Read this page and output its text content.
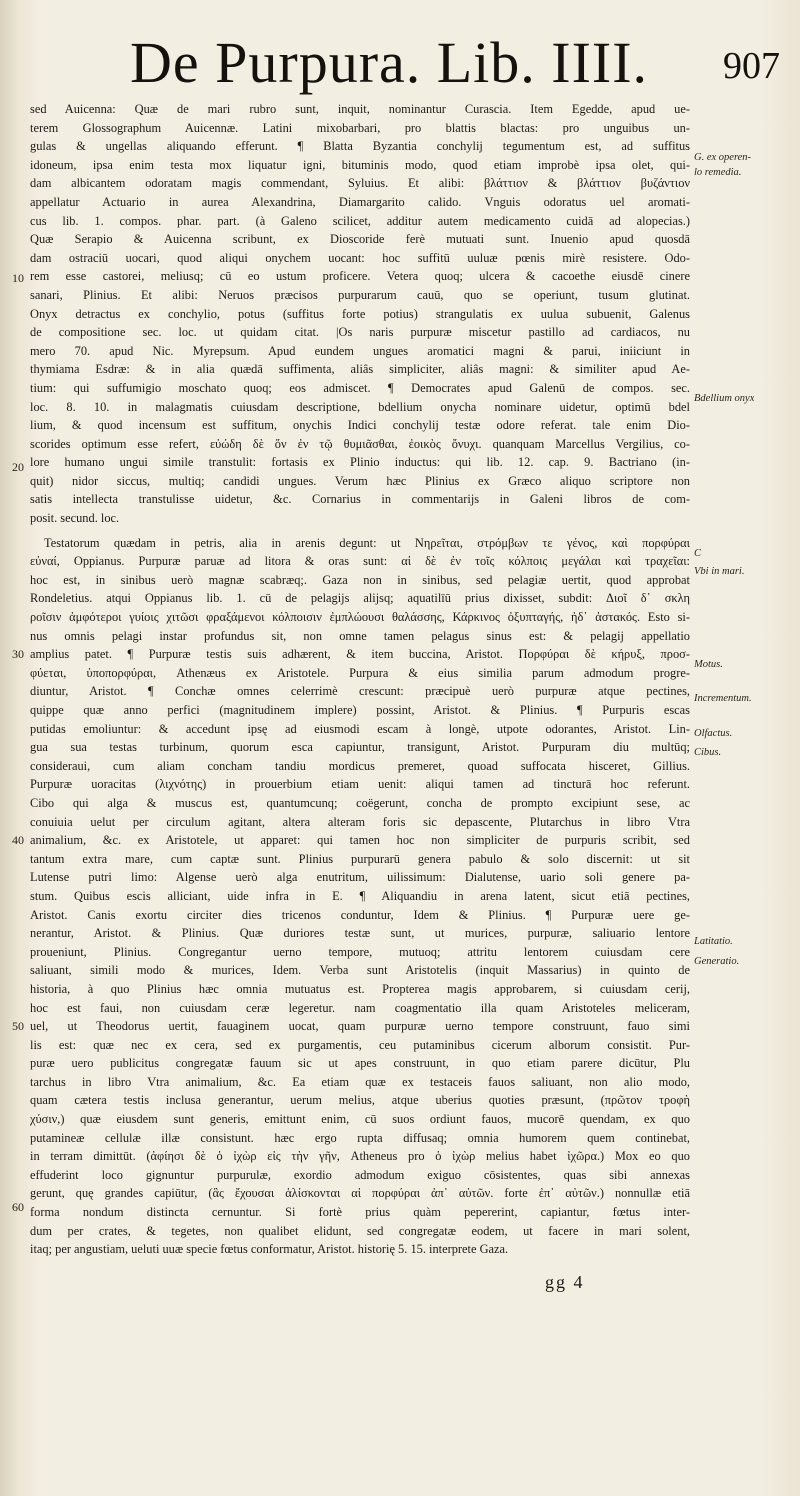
De Purpura. Lib. IIII. 907
sed Auicenna: Quæ de mari rubro sunt, inquit, nominantur Curascia. Item Egedde, apud ue-
terem Glossographum Auicennæ. Latini mixobarbari, pro blattis blactas: pro unguibus un-
gulas & ungellas aliquando efferunt. ¶ Blatta Byzantia conchylij tegumentum est, ad suffitus
idoneum, ipsa enim testa mox liquatur igni, bituminis modo, quod etiam improbè ipsa olet, qui-
dam albicantem odoratam magis commendant, Syluius. Et alibi: βλάττιον & βλάττιον βυζάντιον
appellatur Actuario in aurea Alexandrina, Diamargarito calido. Vnguis odoratus uel aromati-
cus lib. 1. compos. phar. part. (à Galeno scilicet, additur autem medicamento cuidā ad alopecias.)
Quæ Serapio & Auicenna scribunt, ex Dioscoride ferè mutuati sunt. Inuenio apud quosdā
dam ostraciū uocari, quod aliqui onychem uocant: hoc suffitū uuluæ pœnis mirè resistere. Odo-
rem esse castorei, meliusq; cū eo ustum proficere. Vetera quoq; ulcera & cacoethe eiusdē cinere
sanari, Plinius. Et alibi: Neruos præcisos purpurarum cauū, quo se operiunt, tusum glutinat.
Onyx detractus ex conchylio, potus (suffitus forte potius) strangulatis ex uulua subuenit, Galenus
de compositione sec. loc. ut quidam citat. |Os naris purpuræ miscetur pastillo ad cardiacos, nu
mero 70. apud Nic. Myrepsum. Apud eundem ungues aromatici magni & parui, iniiciunt in
thymiama Esdræ: & in alia quædā suffimenta, aliâs simpliciter, aliâs magni: & similiter apud Ae-
tium: qui suffumigio moschato quoq; eos admiscet. ¶ Democrates apud Galenū de compos. sec.
loc. 8. 10. in malagmatis cuiusdam descriptione, bdellium onycha nominare uidetur, optimū bdel
lium, & quod incensum est suffitum, onychis Indici conchylij testæ odore referat. tale enim Dio-
scorides optimum esse refert, εὐώδη δὲ ὅν ἐν τῷ θυμιᾶσθαι, ἐοικὸς ὄνυχι. quanquam Marcellus Vergilius, co-
lore humano ungui simile transtulit: fortasis ex Plinio inductus: qui lib. 12. cap. 9. Bactriano (in-
quit) nidor siccus, multiq; candidi ungues. Verum hæc Plinius ex Græco aliquo scriptore non
satis intellecta transtulisse uidetur, &c. Cornarius in commentarijs in Galeni libros de com-
posit. secund. loc.
Testatorum quædam in petris, alia in arenis degunt: ut Νηρεῖται, στρόμβων τε γένος, καὶ πορφύραι
εὐναί, Oppianus. Purpuræ paruæ ad litora & oras sunt: αἱ δὲ ἐν τοῖς κόλποις μεγάλαι καὶ τραχεῖαι:
hoc est, in sinibus uerò magnæ scabræq;. Gaza non in sinibus, sed pelagiæ uertit, quod approbat
Rondeletius. atqui Oppianus lib. 1. cū de pelagijs alijsq; aquatilīū prius dixisset, subdit: Διοῖ δ᾽ σκλη
ροῖσιν ἀμφότεροι γυίοις χιτῶσι φραξάμενοι κόλποισιν ἐμπλώουσι θαλάσσης, Κάρκινος ὀξυπταγής, ἠδ᾽ ἀστακός. Esto si-
nus omnis pelagi instar profundus sit, non omne tamen pelagus sinus est: & pelagij appellatio
amplius patet. ¶ Purpuræ testis suis adhærent, & item buccina, Aristot. Πορφύραι δὲ κήρυξ, προσ-
φύεται, ὑποπορφύραι, Athenæus ex Aristotele. Purpura & eius similia parum admodum progre-
diuntur, Aristot. ¶ Conchæ omnes celerrimè crescunt: præcipuè uerò purpuræ atque pectines,
quippe quæ anno perfici (magnitudinem implere) possint, Aristot. & Plinius. ¶ Purpuris escas
putidas emoliuntur: & accedunt ipsę ad eiusmodi escam à longè, utpote odorantes, Aristot. Lin-
gua sua testas turbinum, quorum esca capiuntur, transigunt, Aristot. Purpuram diu multūq;
consideraui, cum aliam concham tandiu mordicus premeret, quoad suffocata hisceret, Gillius.
Purpuræ uoracitas (λιχνότης) in prouerbium etiam uenit: aliqui tamen ad tincturā hoc referunt.
Cibo qui alga & muscus est, quantumcunq; coëgerunt, concha de prompto excipiunt sese, ac
conuiuia uelut per circulum agitant, altera alteram foris sic depascente, Plutarchus in libro Vtra
animalium, &c. ex Aristotele, ut apparet: qui tamen hoc non simpliciter de purpuris scribit, sed
tantum extra mare, cum captæ sunt. Plinius purpurarū genera pabulo & solo discernit: ut sit
Lutense putri limo: Algense uerò alga enutritum, uilissimum: Dialutense, uario soli genere pa-
stum. Quibus escis alliciant, uide infra in E. ¶ Aliquandiu in arena latent, sicut etiā pectines,
Aristot. Canis exortu circiter dies tricenos conduntur, Idem & Plinius. ¶ Purpuræ uere ge-
nerantur, Aristot. & Plinius. Quæ duriores testæ sunt, ut murices, purpuræ, saliuario lentore
proueniunt, Plinius. Congregantur uerno tempore, mutuoq; attritu lentorem cuiusdam cere
saliuant, simili modo & murices, Idem. Verba sunt Aristotelis (inquit Massarius) in quinto de
historia, à quo Plinius hæc omnia mutuatus est. Propterea magis approbarem, si cuiusdam cerij,
hoc est faui, non cuiusdam ceræ legeretur. nam coagmentatio illa quam Aristoteles meliceram,
uel, ut Theodorus uertit, fauaginem uocat, quam purpuræ uerno tempore construunt, fauo simi
lis est: quæ nec ex cera, sed ex purgamentis, ceu putaminibus cicerum alborum consistit. Pur-
puræ uero publicitus congregatæ fauum sic ut apes construunt, in quo etiam parere dicūtur, Plu
tarchus in libro Vtra animalium, &c. Ea etiam quæ ex testaceis fauos saliuant, non alio modo,
quam cætera testis inclusa generantur, uerum melius, atque uberius quoties præsunt, (πρῶτον τροφὴ
χύσιν,) quæ eiusdem sunt generis, emittunt enim, cū suos ordiunt fauos, mucorē quendam, ex quo
putamineæ cellulæ illæ consistunt. hæc ergo rupta diffusaq; omnia humorem quem continebat,
in terram dimittūt. (ἀφίησι δὲ ὁ ἰχὼρ εἰς τὴν γῆν, Atheneus pro ὁ ἰχὼρ melius habet ἰχῶρα.) Mox eo quo
effuderint loco gignuntur purpurulæ, exordio admodum exiguo cōsistentes, quas sibi annexas
gerunt, quę grandes capiūtur, (ἃς ἔχουσαι ἁλίσκονται αἱ πορφύραι ἀπ᾽ αὐτῶν. forte ἐπ᾽ αὐτῶν.) nonnullæ etiā
forma nondum distincta cernuntur. Si fortè prius quàm pepererint, capiantur, fœtus inter-
dum per crates, & tegetes, non qualibet elidunt, sed congregatæ eodem, ut facere in mari solent,
itaq; per angustiam, ueluti uuæ specie fœtus conformatur, Aristot. historię 5. 15. interprete Gaza.
10
20
30
40
50
60
G. ex operen-
lo remedia.
Bdellium onyx
C
Vbi in mari.
Motus.
Incrementum.
Olfactus.
Cibus.
Latitatio.
Generatio.
gg 4
